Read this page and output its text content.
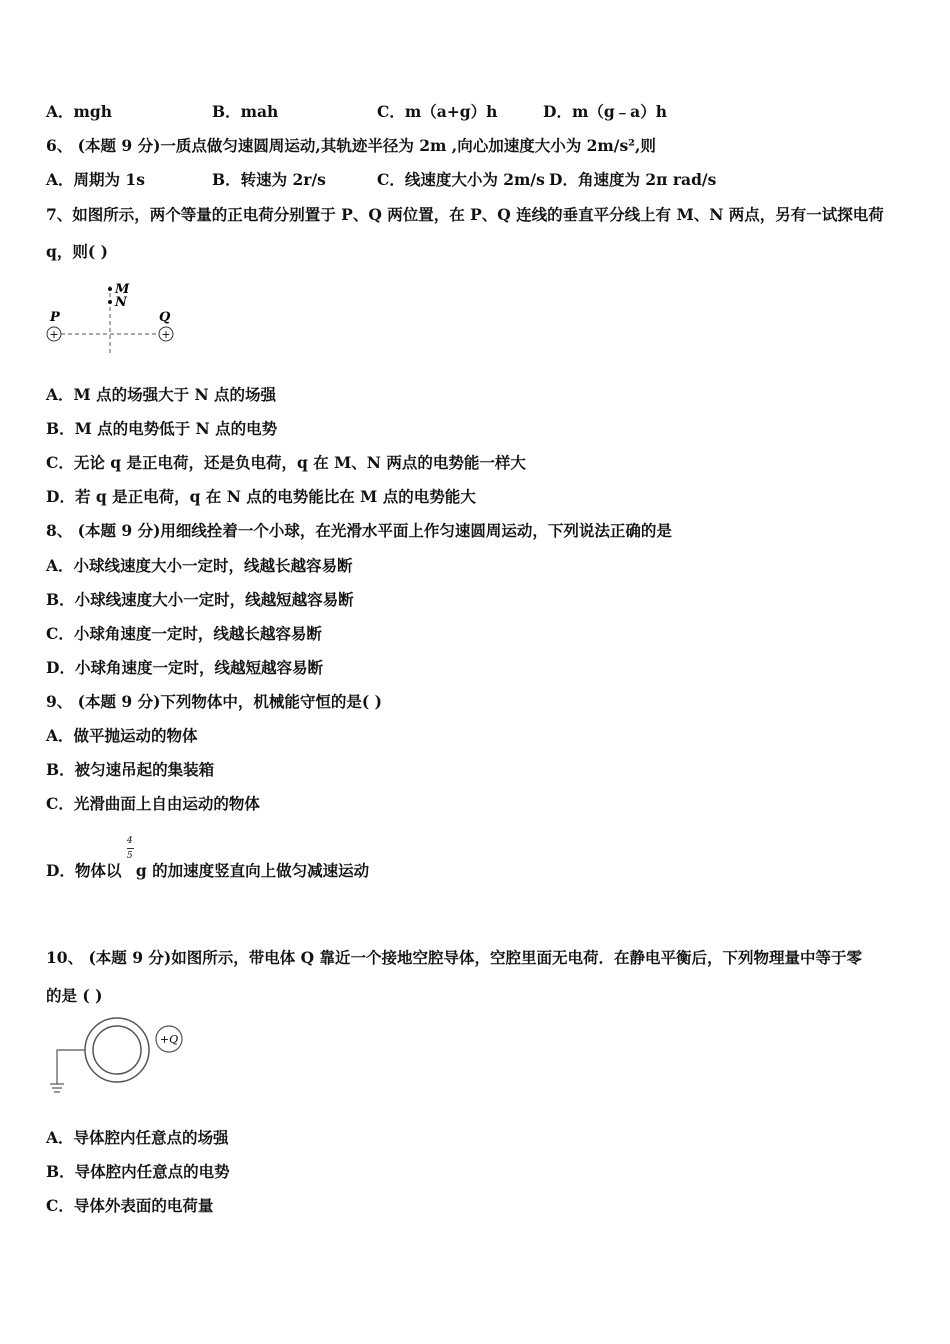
A．mgh	B．mah	C．m（a+g）h	D．m（g﹣a）h
6、 (本题 9 分)一质点做匀速圆周运动,其轨迹半径为 2m ,向心加速度大小为 2m/s²,则
A．周期为 1s	B．转速为 2r/s	C．线速度大小为 2m/s D．角速度为 2π rad/s
7、如图所示，两个等量的正电荷分别置于 P、Q 两位置，在 P、Q 连线的垂直平分线上有 M、N 两点，另有一试探电荷
q，则( )
M
N
P	Q
+	+
A．M 点的场强大于 N 点的场强
B．M 点的电势低于 N 点的电势
C．无论 q 是正电荷，还是负电荷，q 在 M、N 两点的电势能一样大
D．若 q 是正电荷，q 在 N 点的电势能比在 M 点的电势能大
8、 (本题 9 分)用细线拴着一个小球，在光滑水平面上作匀速圆周运动，下列说法正确的是
A．小球线速度大小一定时，线越长越容易断
B．小球线速度大小一定时，线越短越容易断
C．小球角速度一定时，线越长越容易断
D．小球角速度一定时，线越短越容易断
9、 (本题 9 分)下列物体中，机械能守恒的是( )
A．做平抛运动的物体
B．被匀速吊起的集装箱
C．光滑曲面上自由运动的物体
D．物体以 $\frac{4}{5}$ g 的加速度竖直向上做匀减速运动
10、 (本题 9 分)如图所示，带电体 Q 靠近一个接地空腔导体，空腔里面无电荷．在静电平衡后，下列物理量中等于零
的是 ( )
+Q
A．导体腔内任意点的场强
B．导体腔内任意点的电势
C．导体外表面的电荷量
